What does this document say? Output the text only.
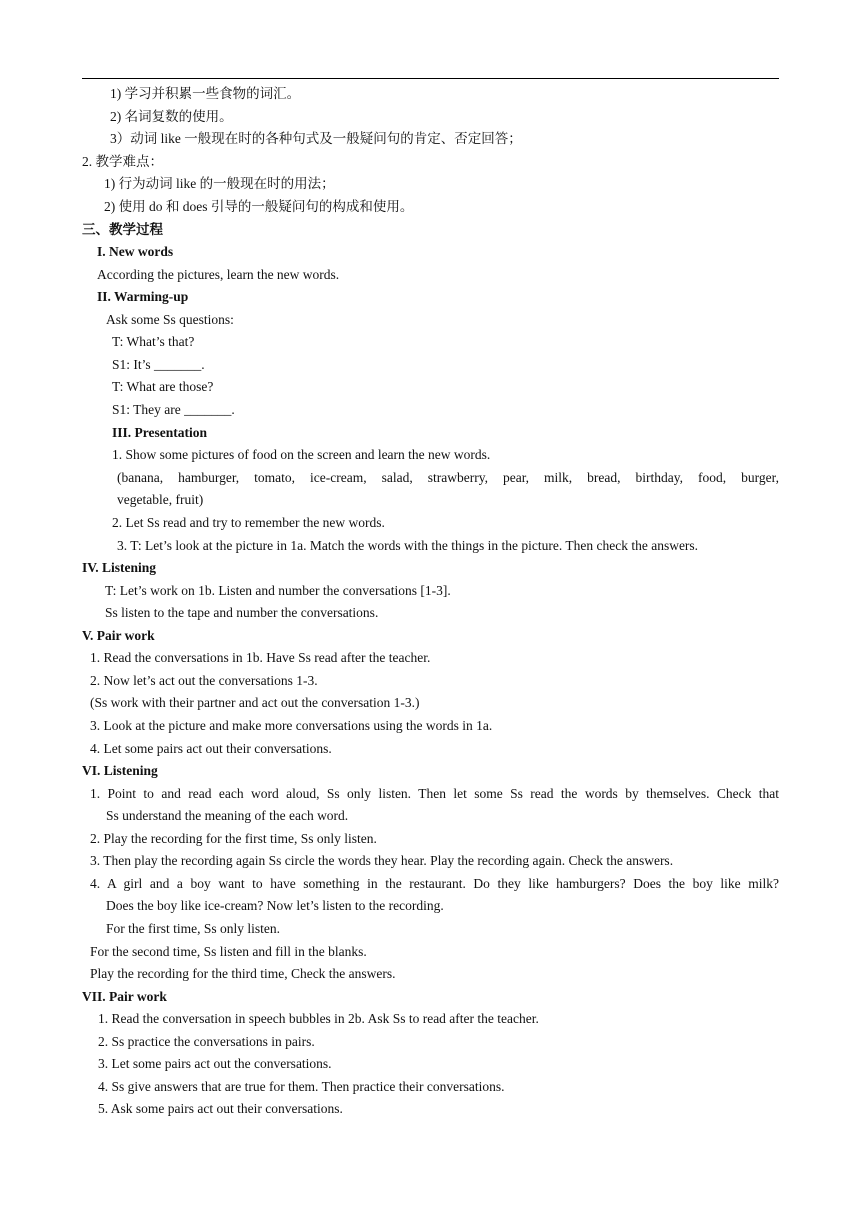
1) 学习并积累一些食物的词汇。
2) 名词复数的使用。
3）动词 like 一般现在时的各种句式及一般疑问句的肯定、否定回答；
2. 教学难点：
1) 行为动词 like 的一般现在时的用法；
2) 使用 do 和 does 引导的一般疑问句的构成和使用。
三、教学过程
I. New words
According the pictures, learn the new words.
II. Warming-up
Ask some Ss questions:
T: What’s that?
S1: It’s _______.
T: What are those?
S1: They are _______.
III. Presentation
1. Show some pictures of food on the screen and learn the new words.
(banana, hamburger, tomato, ice-cream, salad, strawberry, pear, milk, bread, birthday, food, burger,
vegetable, fruit)
2. Let Ss read and try to remember the new words.
3. T: Let’s look at the picture in 1a. Match the words with the things in the picture. Then check the answers.
IV. Listening
T: Let’s work on 1b. Listen and number the conversations [1-3].
Ss listen to the tape and number the conversations.
V. Pair work
1. Read the conversations in 1b. Have Ss read after the teacher.
2. Now let’s act out the conversations 1-3.
(Ss work with their partner and act out the conversation 1-3.)
3. Look at the picture and make more conversations using the words in 1a.
4. Let some pairs act out their conversations.
VI. Listening
1. Point to and read each word aloud, Ss only listen. Then let some Ss read the words by themselves. Check that
Ss understand the meaning of the each word.
2. Play the recording for the first time, Ss only listen.
3. Then play the recording again Ss circle the words they hear. Play the recording again. Check the answers.
4. A girl and a boy want to have something in the restaurant. Do they like hamburgers? Does the boy like milk?
Does the boy like ice-cream? Now let’s listen to the recording.
For the first time, Ss only listen.
For the second time, Ss listen and fill in the blanks.
Play the recording for the third time, Check the answers.
VII. Pair work
1. Read the conversation in speech bubbles in 2b. Ask Ss to read after the teacher.
2. Ss practice the conversations in pairs.
3. Let some pairs act out the conversations.
4. Ss give answers that are true for them. Then practice their conversations.
5. Ask some pairs act out their conversations.
